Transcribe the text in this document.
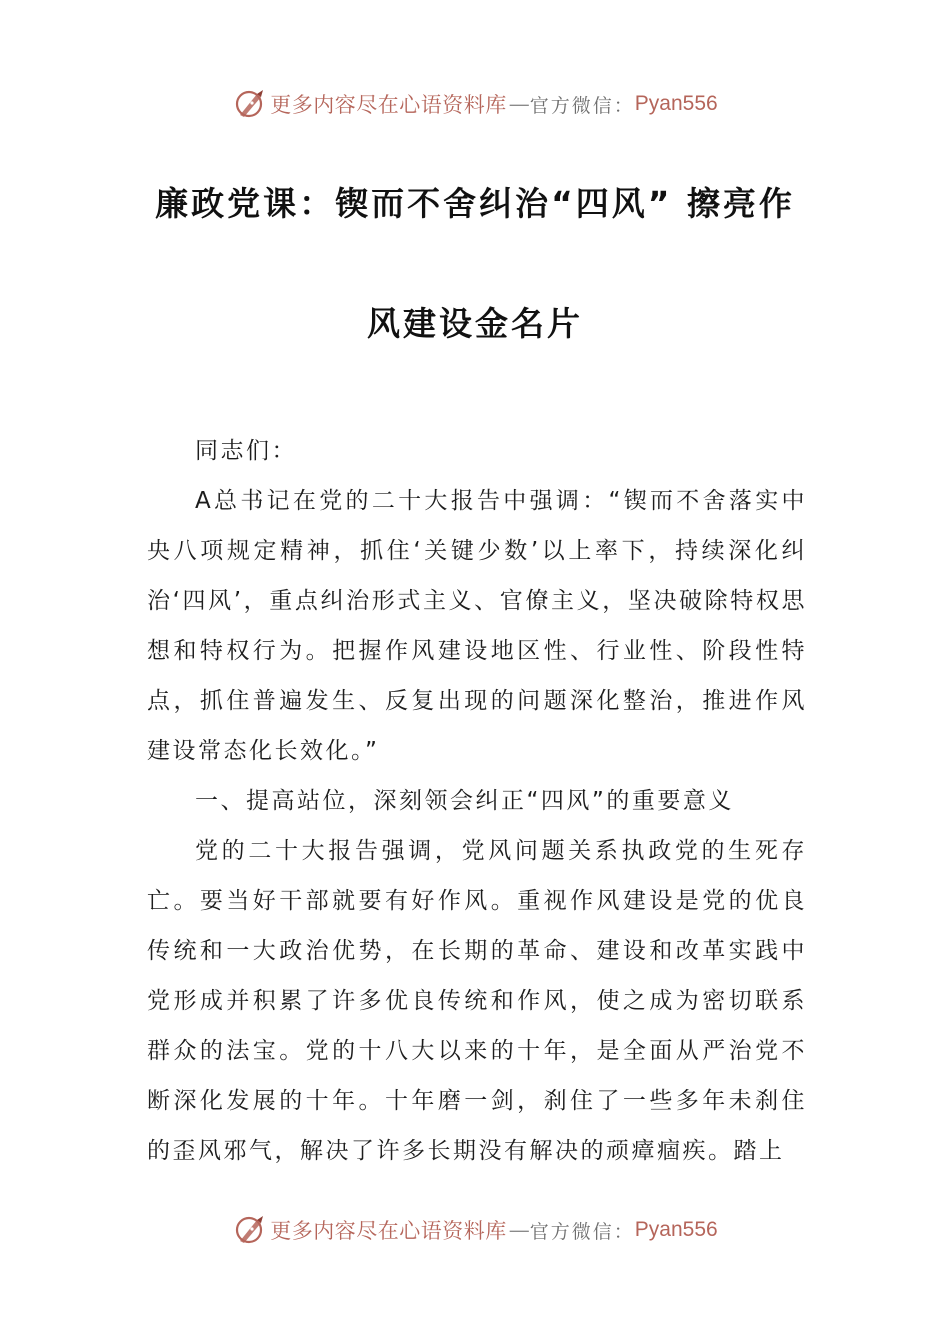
更多内容尽在心语资料库 — 官方微信： Pyan556
廉政党课：锲而不舍纠治“四风” 擦亮作
风建设金名片

同志们：

A总书记在党的二十大报告中强调：“锲而不舍落实中央八项规定精神，抓住‘关键少数’以上率下，持续深化纠治‘四风’，重点纠治形式主义、官僚主义，坚决破除特权思想和特权行为。把握作风建设地区性、行业性、阶段性特点，抓住普遍发生、反复出现的问题深化整治，推进作风建设常态化长效化。”

一、提高站位，深刻领会纠正“四风”的重要意义

党的二十大报告强调，党风问题关系执政党的生死存亡。要当好干部就要有好作风。重视作风建设是党的优良传统和一大政治优势，在长期的革命、建设和改革实践中党形成并积累了许多优良传统和作风，使之成为密切联系群众的法宝。党的十八大以来的十年，是全面从严治党不断深化发展的十年。十年磨一剑，刹住了一些多年未刹住的歪风邪气，解决了许多长期没有解决的顽瘴痼疾。踏上

更多内容尽在心语资料库 — 官方微信： Pyan556
